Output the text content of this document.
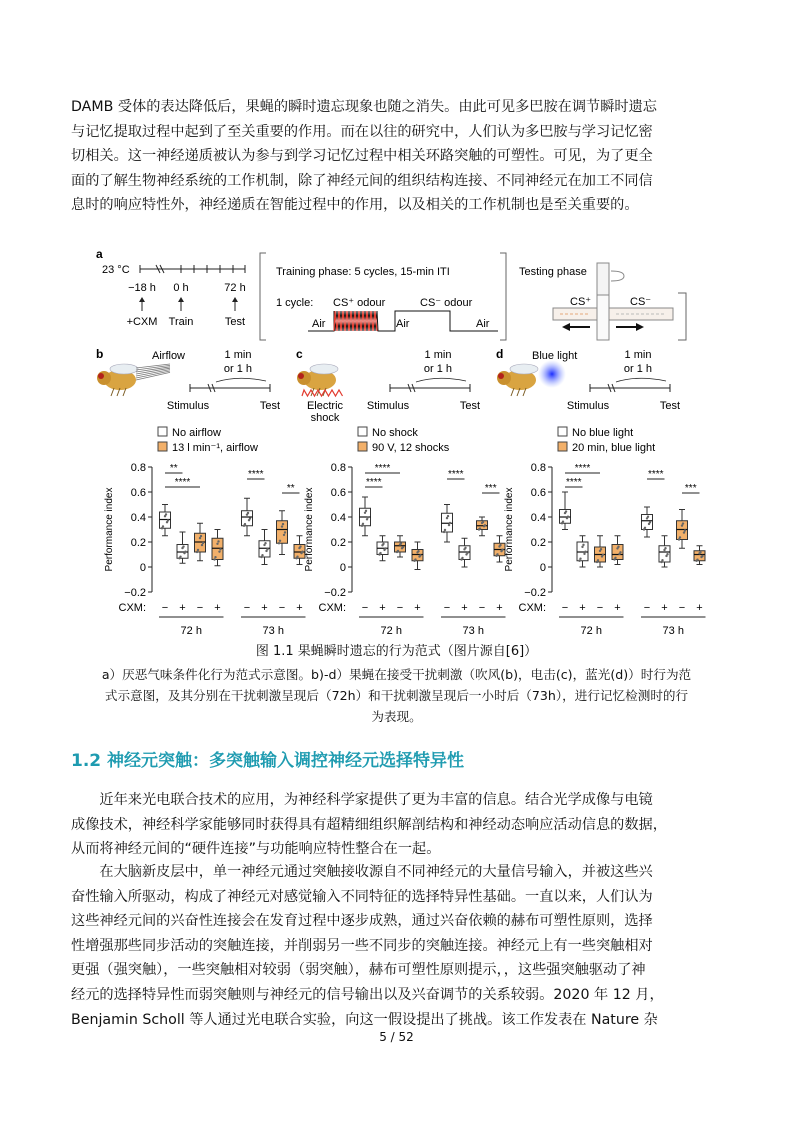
DAMB 受体的表达降低后，果蝇的瞬时遗忘现象也随之消失。由此可见多巴胺在调节瞬时遗忘
与记忆提取过程中起到了至关重要的作用。而在以往的研究中，人们认为多巴胺与学习记忆密
切相关。这一神经递质被认为参与到学习记忆过程中相关环路突触的可塑性。可见，为了更全
面的了解生物神经系统的工作机制，除了神经元间的组织结构连接、不同神经元在加工不同信
息时的响应特性外，神经递质在智能过程中的作用，以及相关的工作机制也是至关重要的。
a
23 °C
−18 h 0 h	72 h
+CXM Train	Test
Training phase: 5 cycles, 15-min ITI
1 cycle: CS⁺ odour	CS⁻ odour
Air	Air	Air
Testing phase
CS⁺	CS⁻
b	Airflow	1 min
or 1 h
Stimulus	Test
No airflow
13 l min⁻¹, airflow
c
Electric
shock
1 min
or 1 h
Stimulus	Test
No shock
90 V, 12 shocks
d	Blue light	1 min
or 1 h
Stimulus	Test
No blue light
20 min, blue light
−0.2
0
0.2
0.4
0.6
0.8
Performance index
− + − + − + − +
**
****
****
**
CXM:
72 h	73 h
−0.2
0
0.2
0.4
0.6
0.8
Performance index
− + − + − + − +
****
****
****
***
CXM:
72 h	73 h
−0.2
0
0.2
0.4
0.6
0.8
Performance index
− + − + − + − +
****
****
****
***
CXM:
72 h	73 h
图 1.1 果蝇瞬时遗忘的行为范式（图片源自[6]）
a）厌恶气味条件化行为范式示意图。b)-d）果蝇在接受干扰刺激（吹风(b)，电击(c)，蓝光(d)）时行为范
式示意图，及其分别在干扰刺激呈现后（72h）和干扰刺激呈现后一小时后（73h），进行记忆检测时的行
为表现。
1.2 神经元突触：多突触输入调控神经元选择特异性
近年来光电联合技术的应用，为神经科学家提供了更为丰富的信息。结合光学成像与电镜
成像技术，神经科学家能够同时获得具有超精细组织解剖结构和神经动态响应活动信息的数据，
从而将神经元间的“硬件连接”与功能响应特性整合在一起。
在大脑新皮层中，单一神经元通过突触接收源自不同神经元的大量信号输入，并被这些兴
奋性输入所驱动，构成了神经元对感觉输入不同特征的选择特异性基础。一直以来，人们认为
这些神经元间的兴奋性连接会在发育过程中逐步成熟，通过兴奋依赖的赫布可塑性原则，选择
性增强那些同步活动的突触连接，并削弱另一些不同步的突触连接。神经元上有一些突触相对
更强（强突触），一些突触相对较弱（弱突触），赫布可塑性原则提示，，这些强突触驱动了神
经元的选择特异性而弱突触则与神经元的信号输出以及兴奋调节的关系较弱。2020 年 12 月，
Benjamin Scholl 等人通过光电联合实验，向这一假设提出了挑战。该工作发表在 Nature 杂
5 / 52
